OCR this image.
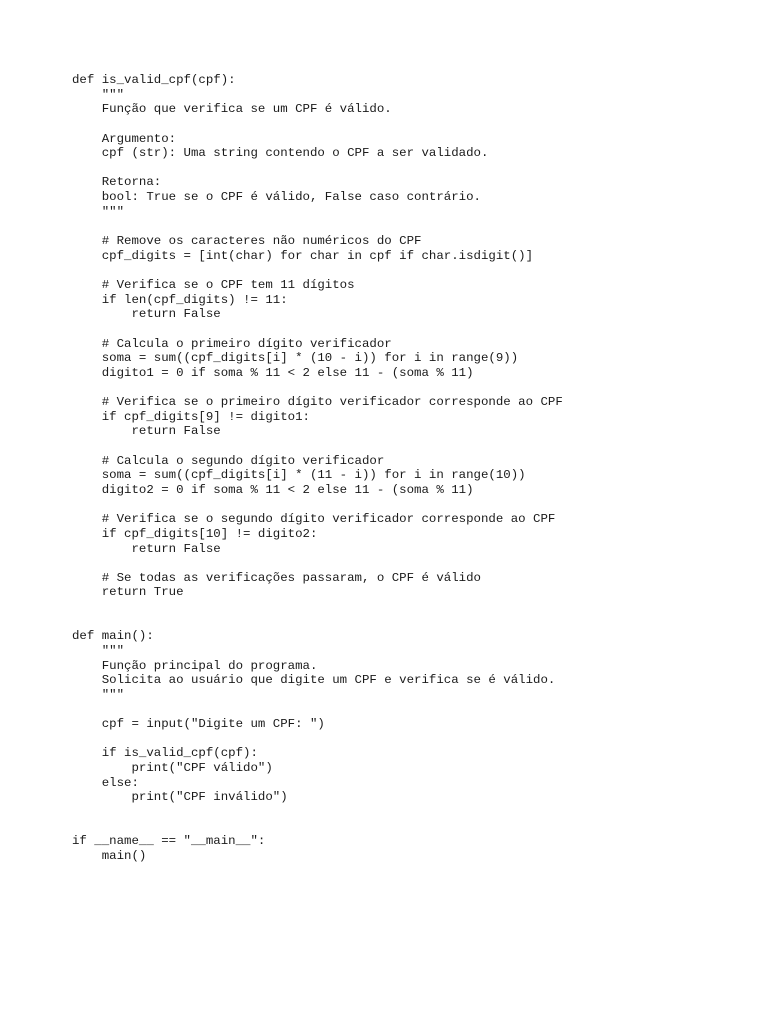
def is_valid_cpf(cpf):
"""
Função que verifica se um CPF é válido.
Argumento:
cpf (str): Uma string contendo o CPF a ser validado.
Retorna:
bool: True se o CPF é válido, False caso contrário.
"""
# Remove os caracteres não numéricos do CPF
cpf_digits = [int(char) for char in cpf if char.isdigit()]
# Verifica se o CPF tem 11 dígitos
if len(cpf_digits) != 11:
return False
# Calcula o primeiro dígito verificador
soma = sum((cpf_digits[i] * (10 - i)) for i in range(9))
digito1 = 0 if soma % 11 < 2 else 11 - (soma % 11)
# Verifica se o primeiro dígito verificador corresponde ao CPF
if cpf_digits[9] != digito1:
return False
# Calcula o segundo dígito verificador
soma = sum((cpf_digits[i] * (11 - i)) for i in range(10))
digito2 = 0 if soma % 11 < 2 else 11 - (soma % 11)
# Verifica se o segundo dígito verificador corresponde ao CPF
if cpf_digits[10] != digito2:
return False
# Se todas as verificações passaram, o CPF é válido
return True
def main():
"""
Função principal do programa.
Solicita ao usuário que digite um CPF e verifica se é válido.
"""
cpf = input("Digite um CPF: ")
if is_valid_cpf(cpf):
print("CPF válido")
else:
print("CPF inválido")
if __name__ == "__main__":
main()
